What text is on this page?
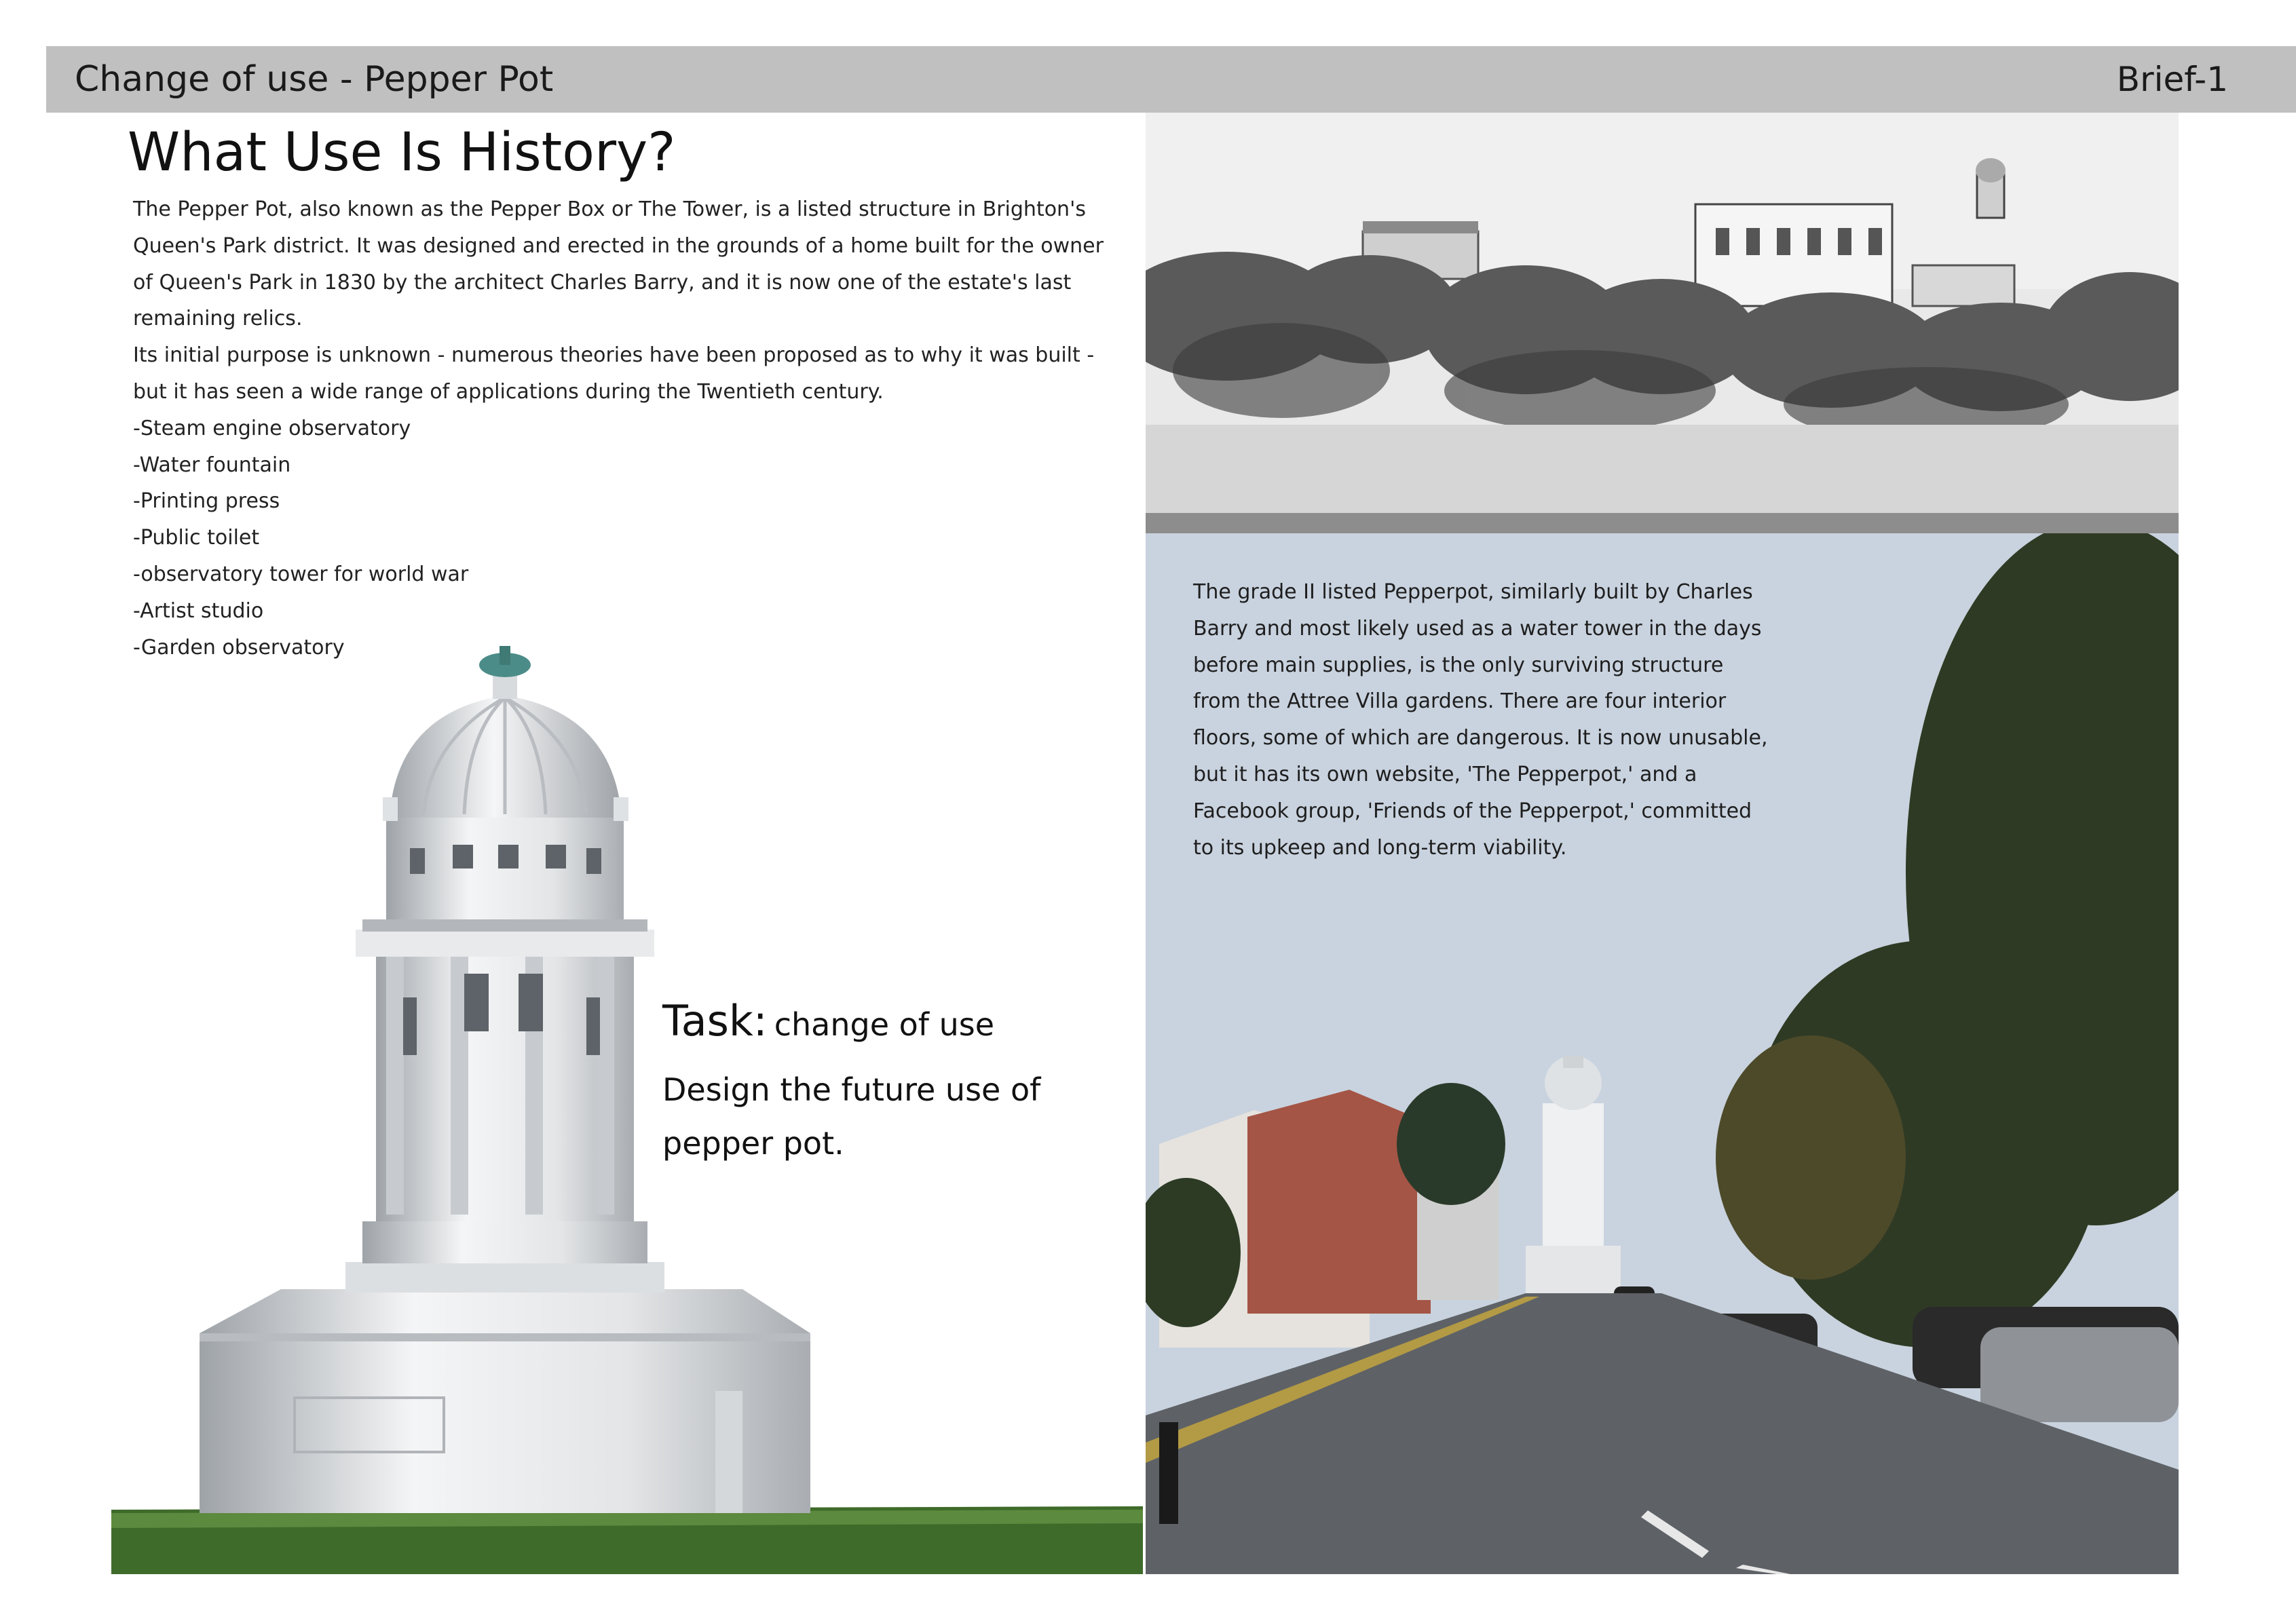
Change of use - Pepper Pot	Brief-1
What Use Is History?

The Pepper Pot, also known as the Pepper Box or The Tower, is a listed structure in Brighton's Queen's Park district. It was designed and erected in the grounds of a home built for the owner of Queen's Park in 1830 by the architect Charles Barry, and it is now one of the estate's last remaining relics.

Its initial purpose is unknown - numerous theories have been proposed as to why it was built - but it has seen a wide range of applications during the Twentieth century.

-Steam engine observatory
-Water fountain
-Printing press
-Public toilet
-observatory tower for world war
-Artist studio
-Garden observatory
Task: change of use
Design the future use of pepper pot.
The grade II listed Pepperpot, similarly built by Charles Barry and most likely used as a water tower in the days before main supplies, is the only surviving structure from the Attree Villa gardens. There are four interior floors, some of which are dangerous. It is now unusable, but it has its own website, 'The Pepperpot,' and a Facebook group, 'Friends of the Pepperpot,' committed to its upkeep and long-term viability.
